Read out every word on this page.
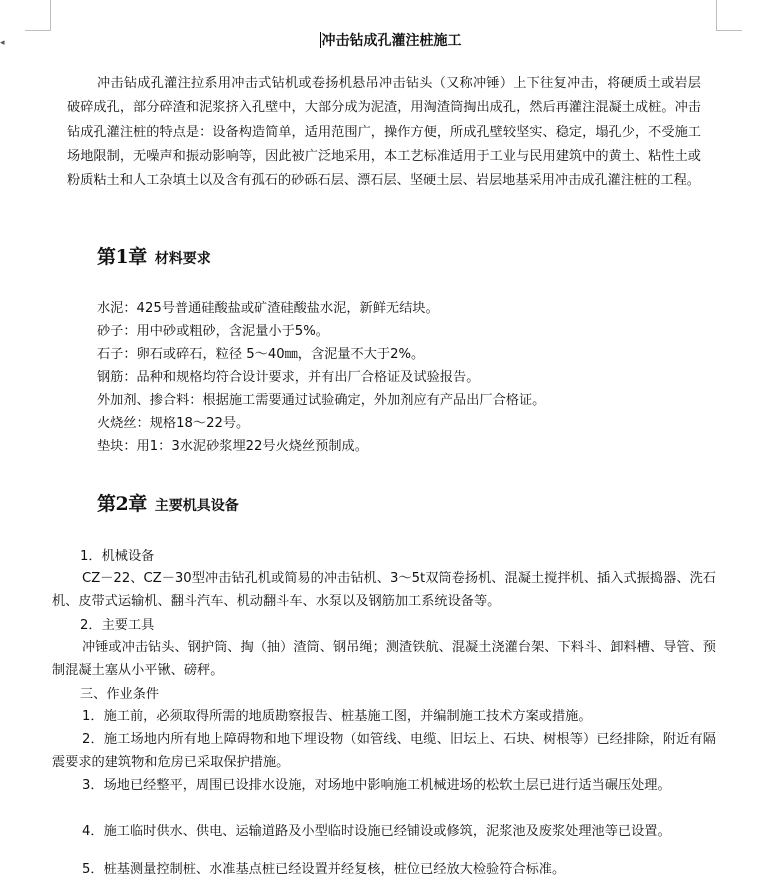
◂	冲击钻成孔灌注桩施工

冲击钻成孔灌注拉系用冲击式钻机或卷扬机悬吊冲击钻头（又称冲锤）上下往复冲击，将硬质土或岩层破碎成孔，部分碎渣和泥浆挤入孔壁中，大部分成为泥渣，用淘渣筒掏出成孔，然后再灌注混凝土成桩。冲击钻成孔灌注桩的特点是：设备构造简单，适用范围广，操作方便，所成孔壁较坚实、稳定，塌孔少，不受施工场地限制，无噪声和振动影响等，因此被广泛地采用，本工艺标准适用于工业与民用建筑中的黄土、粘性土或粉质粘土和人工杂填土以及含有孤石的砂砾石层、漂石层、坚硬土层、岩层地基采用冲击成孔灌注桩的工程。

第1章 材料要求
水泥：425号普通硅酸盐或矿渣硅酸盐水泥，新鲜无结块。
砂子：用中砂或粗砂，含泥量小于5%。
石子：卵石或碎石，粒径 5～40㎜，含泥量不大于2%。
钢筋：品种和规格均符合设计要求，并有出厂合格证及试验报告。
外加剂、掺合料：根据施工需要通过试验确定，外加剂应有产品出厂合格证。
火烧丝：规格18～22号。
垫块：用1：3水泥砂浆埋22号火烧丝预制成。
第2章 主要机具设备
1．机械设备

CZ－22、CZ－30型冲击钻孔机或简易的冲击钻机、3～5t双筒卷扬机、混凝土搅拌机、插入式振捣器、洗石机、皮带式运输机、翻斗汽车、机动翻斗车、水泵以及钢筋加工系统设备等。

2．主要工具

冲锤或冲击钻头、钢护筒、掏（抽）渣筒、钢吊绳；测渣铁航、混凝土浇灌台架、下料斗、卸料槽、导管、预制混凝土塞从小平锹、磅秤。

三、作业条件

1．施工前，必须取得所需的地质勘察报告、桩基施工图，并编制施工技术方案或措施。

2．施工场地内所有地上障碍物和地下埋设物（如管线、电缆、旧坛上、石块、树根等）已经排除，附近有隔震要求的建筑物和危房已采取保护措施。

3．场地已经整平，周围已设排水设施，对场地中影响施工机械进场的松软土层已进行适当碾压处理。

4．施工临时供水、供电、运输道路及小型临时设施已经铺设或修筑，泥浆池及废浆处理池等已设置。

5．桩基测量控制桩、水准基点桩已经设置并经复核，桩位已经放大检验符合标准。
